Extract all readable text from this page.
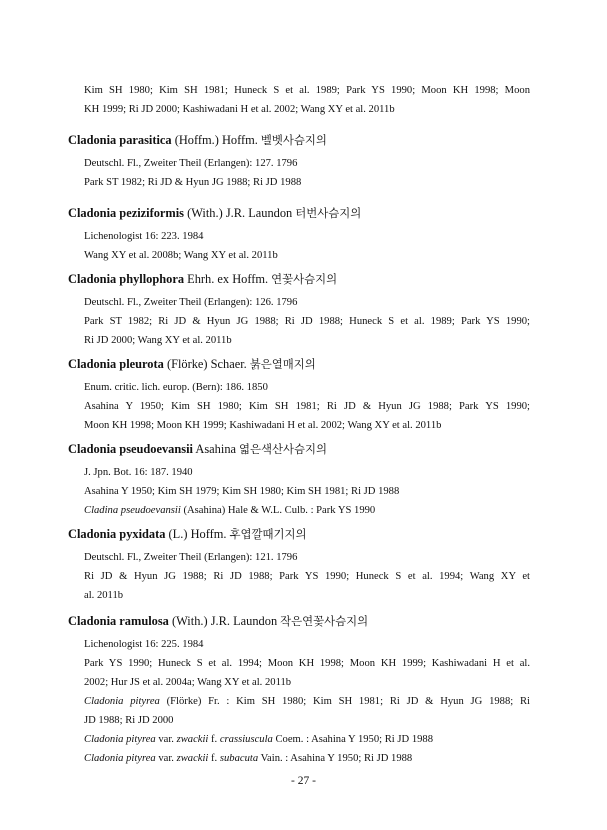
Kim SH 1980; Kim SH 1981; Huneck S et al. 1989; Park YS 1990; Moon KH 1998; Moon
KH 1999; Ri JD 2000; Kashiwadani H et al. 2002; Wang XY et al. 2011b
Cladonia parasitica (Hoffm.) Hoffm. 벨벳사슴지의
Deutschl. Fl., Zweiter Theil (Erlangen): 127. 1796
Park ST 1982; Ri JD & Hyun JG 1988; Ri JD 1988
Cladonia peziziformis (With.) J.R. Laundon 터번사슴지의
Lichenologist 16: 223. 1984
Wang XY et al. 2008b; Wang XY et al. 2011b
Cladonia phyllophora Ehrh. ex Hoffm. 연꽃사슴지의
Deutschl. Fl., Zweiter Theil (Erlangen): 126. 1796
Park ST 1982; Ri JD & Hyun JG 1988; Ri JD 1988; Huneck S et al. 1989; Park YS 1990;
Ri JD 2000; Wang XY et al. 2011b
Cladonia pleurota (Flörke) Schaer. 붉은열매지의
Enum. critic. lich. europ. (Bern): 186. 1850
Asahina Y 1950; Kim SH 1980; Kim SH 1981; Ri JD & Hyun JG 1988; Park YS 1990;
Moon KH 1998; Moon KH 1999; Kashiwadani H et al. 2002; Wang XY et al. 2011b
Cladonia pseudoevansii Asahina 엷은색산사슴지의
J. Jpn. Bot. 16: 187. 1940
Asahina Y 1950; Kim SH 1979; Kim SH 1980; Kim SH 1981; Ri JD 1988
Cladina pseudoevansii (Asahina) Hale & W.L. Culb. : Park YS 1990
Cladonia pyxidata (L.) Hoffm. 후엽깔때기지의
Deutschl. Fl., Zweiter Theil (Erlangen): 121. 1796
Ri JD & Hyun JG 1988; Ri JD 1988; Park YS 1990; Huneck S et al. 1994; Wang XY et
al. 2011b
Cladonia ramulosa (With.) J.R. Laundon 작은연꽃사슴지의
Lichenologist 16: 225. 1984
Park YS 1990; Huneck S et al. 1994; Moon KH 1998; Moon KH 1999; Kashiwadani H et al.
2002; Hur JS et al. 2004a; Wang XY et al. 2011b
Cladonia pityrea (Flörke) Fr. : Kim SH 1980; Kim SH 1981; Ri JD & Hyun JG 1988; Ri
JD 1988; Ri JD 2000
Cladonia pityrea var. zwackii f. crassiuscula Coem. : Asahina Y 1950; Ri JD 1988
Cladonia pityrea var. zwackii f. subacuta Vain. : Asahina Y 1950; Ri JD 1988
- 27 -
